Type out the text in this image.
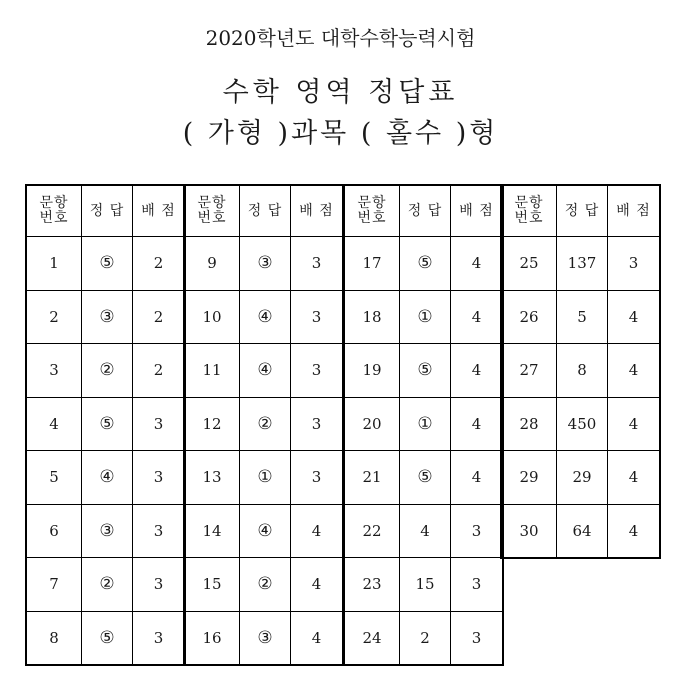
2020학년도 대학수학능력시험
수학 영역 정답표
( 가형 )과목 ( 홀수 )형
문항 번호	정 답	배 점
1	⑤	2
2	③	2
3	②	2
4	⑤	3
5	④	3
6	③	3
7	②	3
8	⑤	3
문항 번호	정 답	배 점
9	③	3
10	④	3
11	④	3
12	②	3
13	①	3
14	④	4
15	②	4
16	③	4
문항 번호	정 답	배 점
17	⑤	4
18	①	4
19	⑤	4
20	①	4
21	⑤	4
22	4	3
23	15	3
24	2	3
문항 번호	정 답	배 점
25	137	3
26	5	4
27	8	4
28	450	4
29	29	4
30	64	4
